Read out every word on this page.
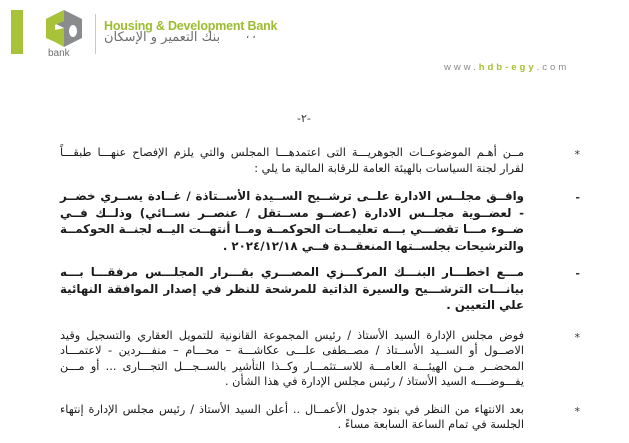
bank
Housing & Development Bank
بنك التعمير و الإسكان	، ،
www.hdb-egy.com
-٢-
*

مــن أهـم الموضوعــات الجوهريـــة التى اعتمدهـــا المجلس والتي يلزم الإفصاح عنهـــا طبقـــاً لقرار لجنة السياسات بالهيئة العامة للرقابة المالية ما يلي :

-

وافــق مجلــس الادارة علــى ترشــيح الســيدة الأســتاذة / غــادة يســري خضــر - لعضــوية مجلــس الادارة (عضــو مســتقل / عنصــر نســائي) وذلــك فــي ضــوء مـــا تقضـــي بـــه تعليمــات الحوكمــة ومــا أنتهــت اليــه لجنــة الحوكمــة والترشيحات بجلســتها المنعقــدة فــي ٢٠٢٤/١٢/١٨ .

-

مـــع اخطـــار البنـــك المركـــزي المصـــري بقـــرار المجلـــس مرفقـــا بـــه بيانـــات الترشـــيح والسيرة الذاتية للمرشحة للنظر في إصدار الموافقة النهائية علي التعيين .

*

فوض مجلس الإدارة السيد الأستاذ / رئيس المجموعة القانونية للتمويل العقاري والتسجيل وقيد الاصــول أو الســيد الأســتاذ / مصــطفى علـــى عكاشـــة – محـــام – منفـــردين - لاعتمـــاد المحضــر مــن الهيئـــة العامـــة للاســتثمـــار وكــذا التأشير بالســجـــل التجـــارى ... أو مـــن يفـــوضــــه السيد الأستاذ / رئيس مجلس الإدارة في هذا الشأن .

*

بعد الانتهاء من النظر في بنود جدول الأعمــال .. أعلن السيد الأستاذ / رئيس مجلس الإدارة إنتهاء الجلسة في تمام الساعة السابعة مساءً .
